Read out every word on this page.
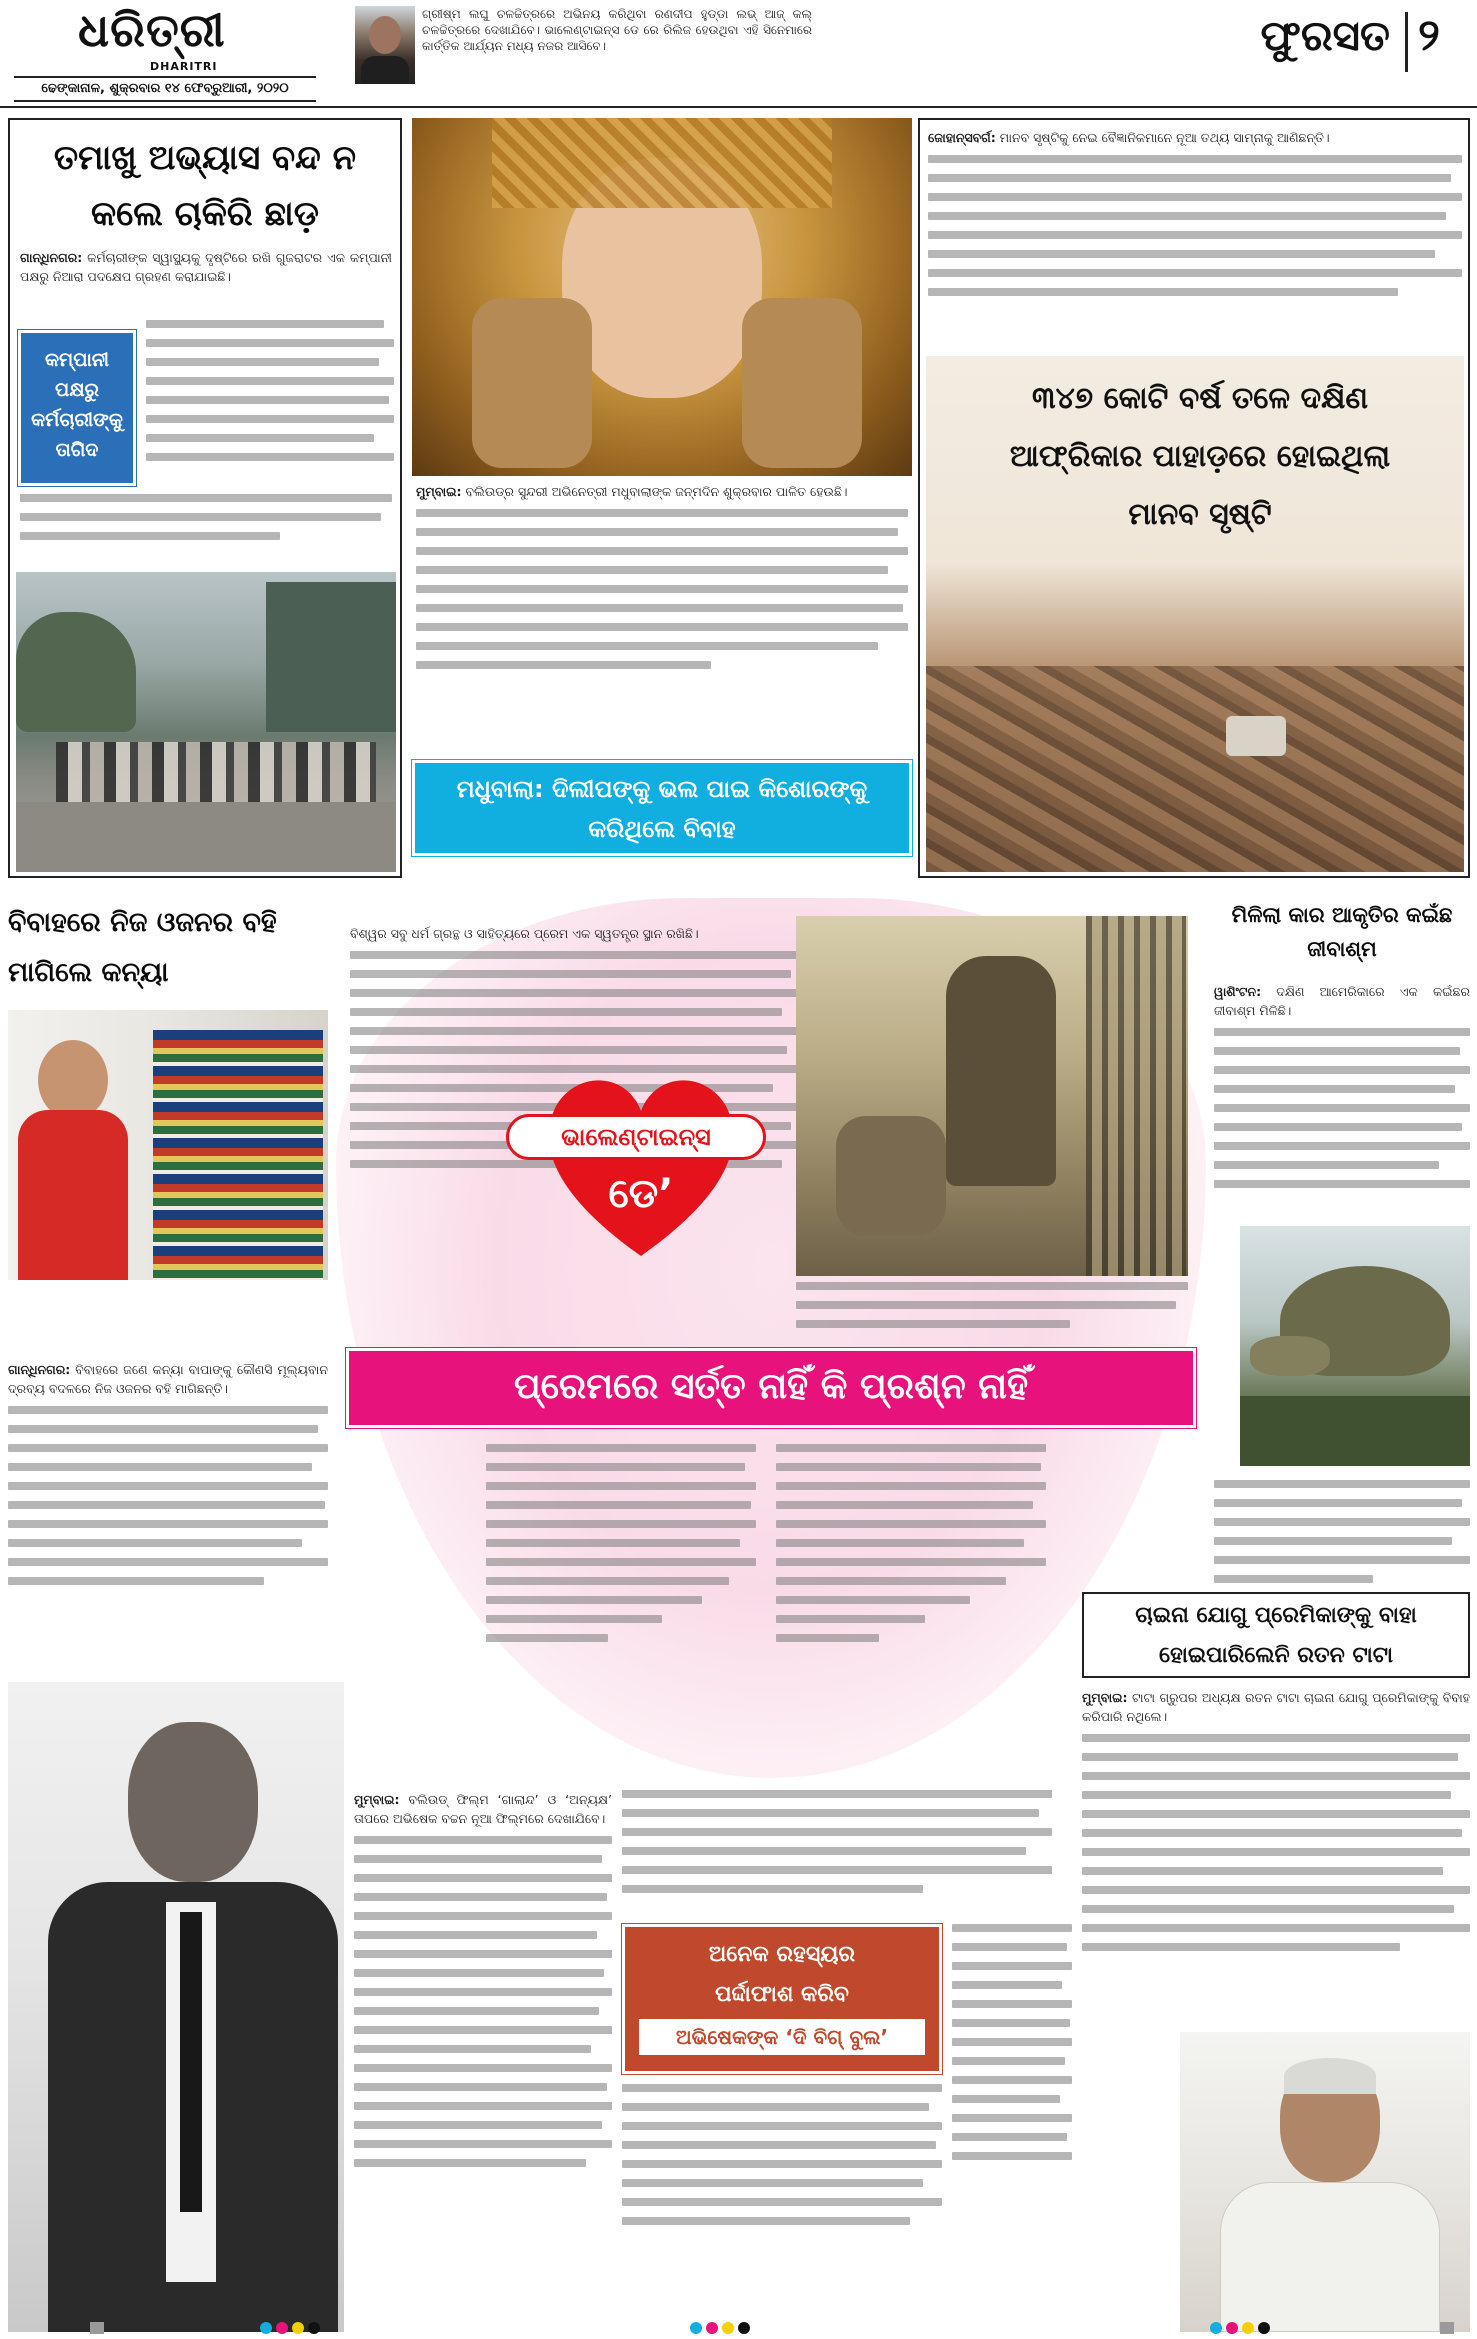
ଧରିତ୍ରୀ
DHARITRI
ଢେଙ୍କାନାଳ, ଶୁକ୍ରବାର ୧୪ ଫେବ୍ରୁଆରୀ, ୨୦୨୦
ଗ୍ରୀଷ୍ମ ଲଘୁ ଚଳଚ୍ଚିତ୍ରରେ ଅଭିନୟ କରିଥିବା ରଣଦୀପ ହୁଡ୍ଡା ଲଭ୍ ଆଜ୍ କଲ୍ ଚଳଚ୍ଚିତ୍ରରେ ଦେଖାଯିବେ। ଭାଲେଣ୍ଟାଇନ୍ସ ଡେ ରେ ରିଲିଜ ହେଉଥିବା ଏହି ସିନେମାରେ କାର୍ତ୍ତିକ ଆର୍ଯ୍ୟନ ମଧ୍ୟ ନଜର ଆସିବେ।	ଫୁରସତ ୨
ତମାଖୁ ଅଭ୍ୟାସ ବନ୍ଦ ନ କଲେ ଚାକିରି ଛାଡ଼
ଗାନ୍ଧିନଗର: କର୍ମଚାରୀଙ୍କ ସ୍ୱାସ୍ଥ୍ୟକୁ ଦୃଷ୍ଟିରେ ରଖି ଗୁଜରାଟର ଏକ କମ୍ପାନୀ ପକ୍ଷରୁ ନିଆରା ପଦକ୍ଷେପ ଗ୍ରହଣ କରାଯାଇଛି।
କମ୍ପାନୀ ପକ୍ଷରୁ କର୍ମଚାରୀଙ୍କୁ ତାଗିଦ
ମୁମ୍ବାଇ: ବଲିଉଡ୍ର ସୁନ୍ଦରୀ ଅଭିନେତ୍ରୀ ମଧୁବାଲାଙ୍କ ଜନ୍ମଦିନ ଶୁକ୍ରବାର ପାଳିତ ହେଉଛି।
ମଧୁବାଲା: ଦିଲୀପଙ୍କୁ ଭଲ ପାଇ କିଶୋରଙ୍କୁ କରିଥିଲେ ବିବାହ
ଜୋହାନ୍ସବର୍ଗ: ମାନବ ସୃଷ୍ଟିକୁ ନେଇ ବୈଜ୍ଞାନିକମାନେ ନୂଆ ତଥ୍ୟ ସାମ୍ନାକୁ ଆଣିଛନ୍ତି।
୩୪୭ କୋଟି ବର୍ଷ ତଳେ ଦକ୍ଷିଣ ଆଫ୍ରିକାର ପାହାଡ଼ରେ ହୋଇଥିଲା ମାନବ ସୃଷ୍ଟି
ବିବାହରେ ନିଜ ଓଜନର ବହି ମାଗିଲେ କନ୍ୟା
ଗାନ୍ଧିନଗର: ବିବାହରେ ଜଣେ କନ୍ୟା ବାପାଙ୍କୁ କୌଣସି ମୂଲ୍ୟବାନ ଦ୍ରବ୍ୟ ବଦଳରେ ନିଜ ଓଜନର ବହି ମାଗିଛନ୍ତି।
ବିଶ୍ୱର ସବୁ ଧର୍ମ ଗ୍ରନ୍ଥ ଓ ସାହିତ୍ୟରେ ପ୍ରେମ ଏକ ସ୍ୱତନ୍ତ୍ର ସ୍ଥାନ ରଖିଛି।
ଭାଲେଣ୍ଟାଇନ୍ସ
ଡେ’
ପ୍ରେମରେ ସର୍ତ୍ତ ନାହିଁ କି ପ୍ରଶ୍ନ ନାହିଁ
ମିଳିଲା କାର ଆକୃତିର କଇଁଛ ଜୀବାଶ୍ମ
ୱାଶିଂଟନ: ଦକ୍ଷିଣ ଆମେରିକାରେ ଏକ କଇଁଛର ଜୀବାଶ୍ମ ମିଳିଛି।
ମୁମ୍ବାଇ: ବଲିଉଡ୍ ଫିଲ୍ମ ‘ଗାଲାନ୍ଦ’ ଓ ‘ଅନ୍ୟକ୍ଷ’ ତାପରେ ଅଭିଷେକ ବଚ୍ଚନ ନୂଆ ଫିଲ୍ମରେ ଦେଖାଯିବେ।
ଅନେକ ରହସ୍ୟର
ପର୍ଦ୍ଦାଫାଶ କରିବ
ଅଭିଷେକଙ୍କ ‘ଦି ବିଗ୍ ବୁଲ’
ଚାଇନା ଯୋଗୁ ପ୍ରେମିକାଙ୍କୁ ବାହା ହୋଇପାରିଲେନି ରତନ ଟାଟା
ମୁମ୍ବାଇ: ଟାଟା ଗ୍ରୁପର ଅଧ୍ୟକ୍ଷ ରତନ ଟାଟା ଚାଇନା ଯୋଗୁ ପ୍ରେମିକାଙ୍କୁ ବିବାହ କରିପାରି ନଥିଲେ।
